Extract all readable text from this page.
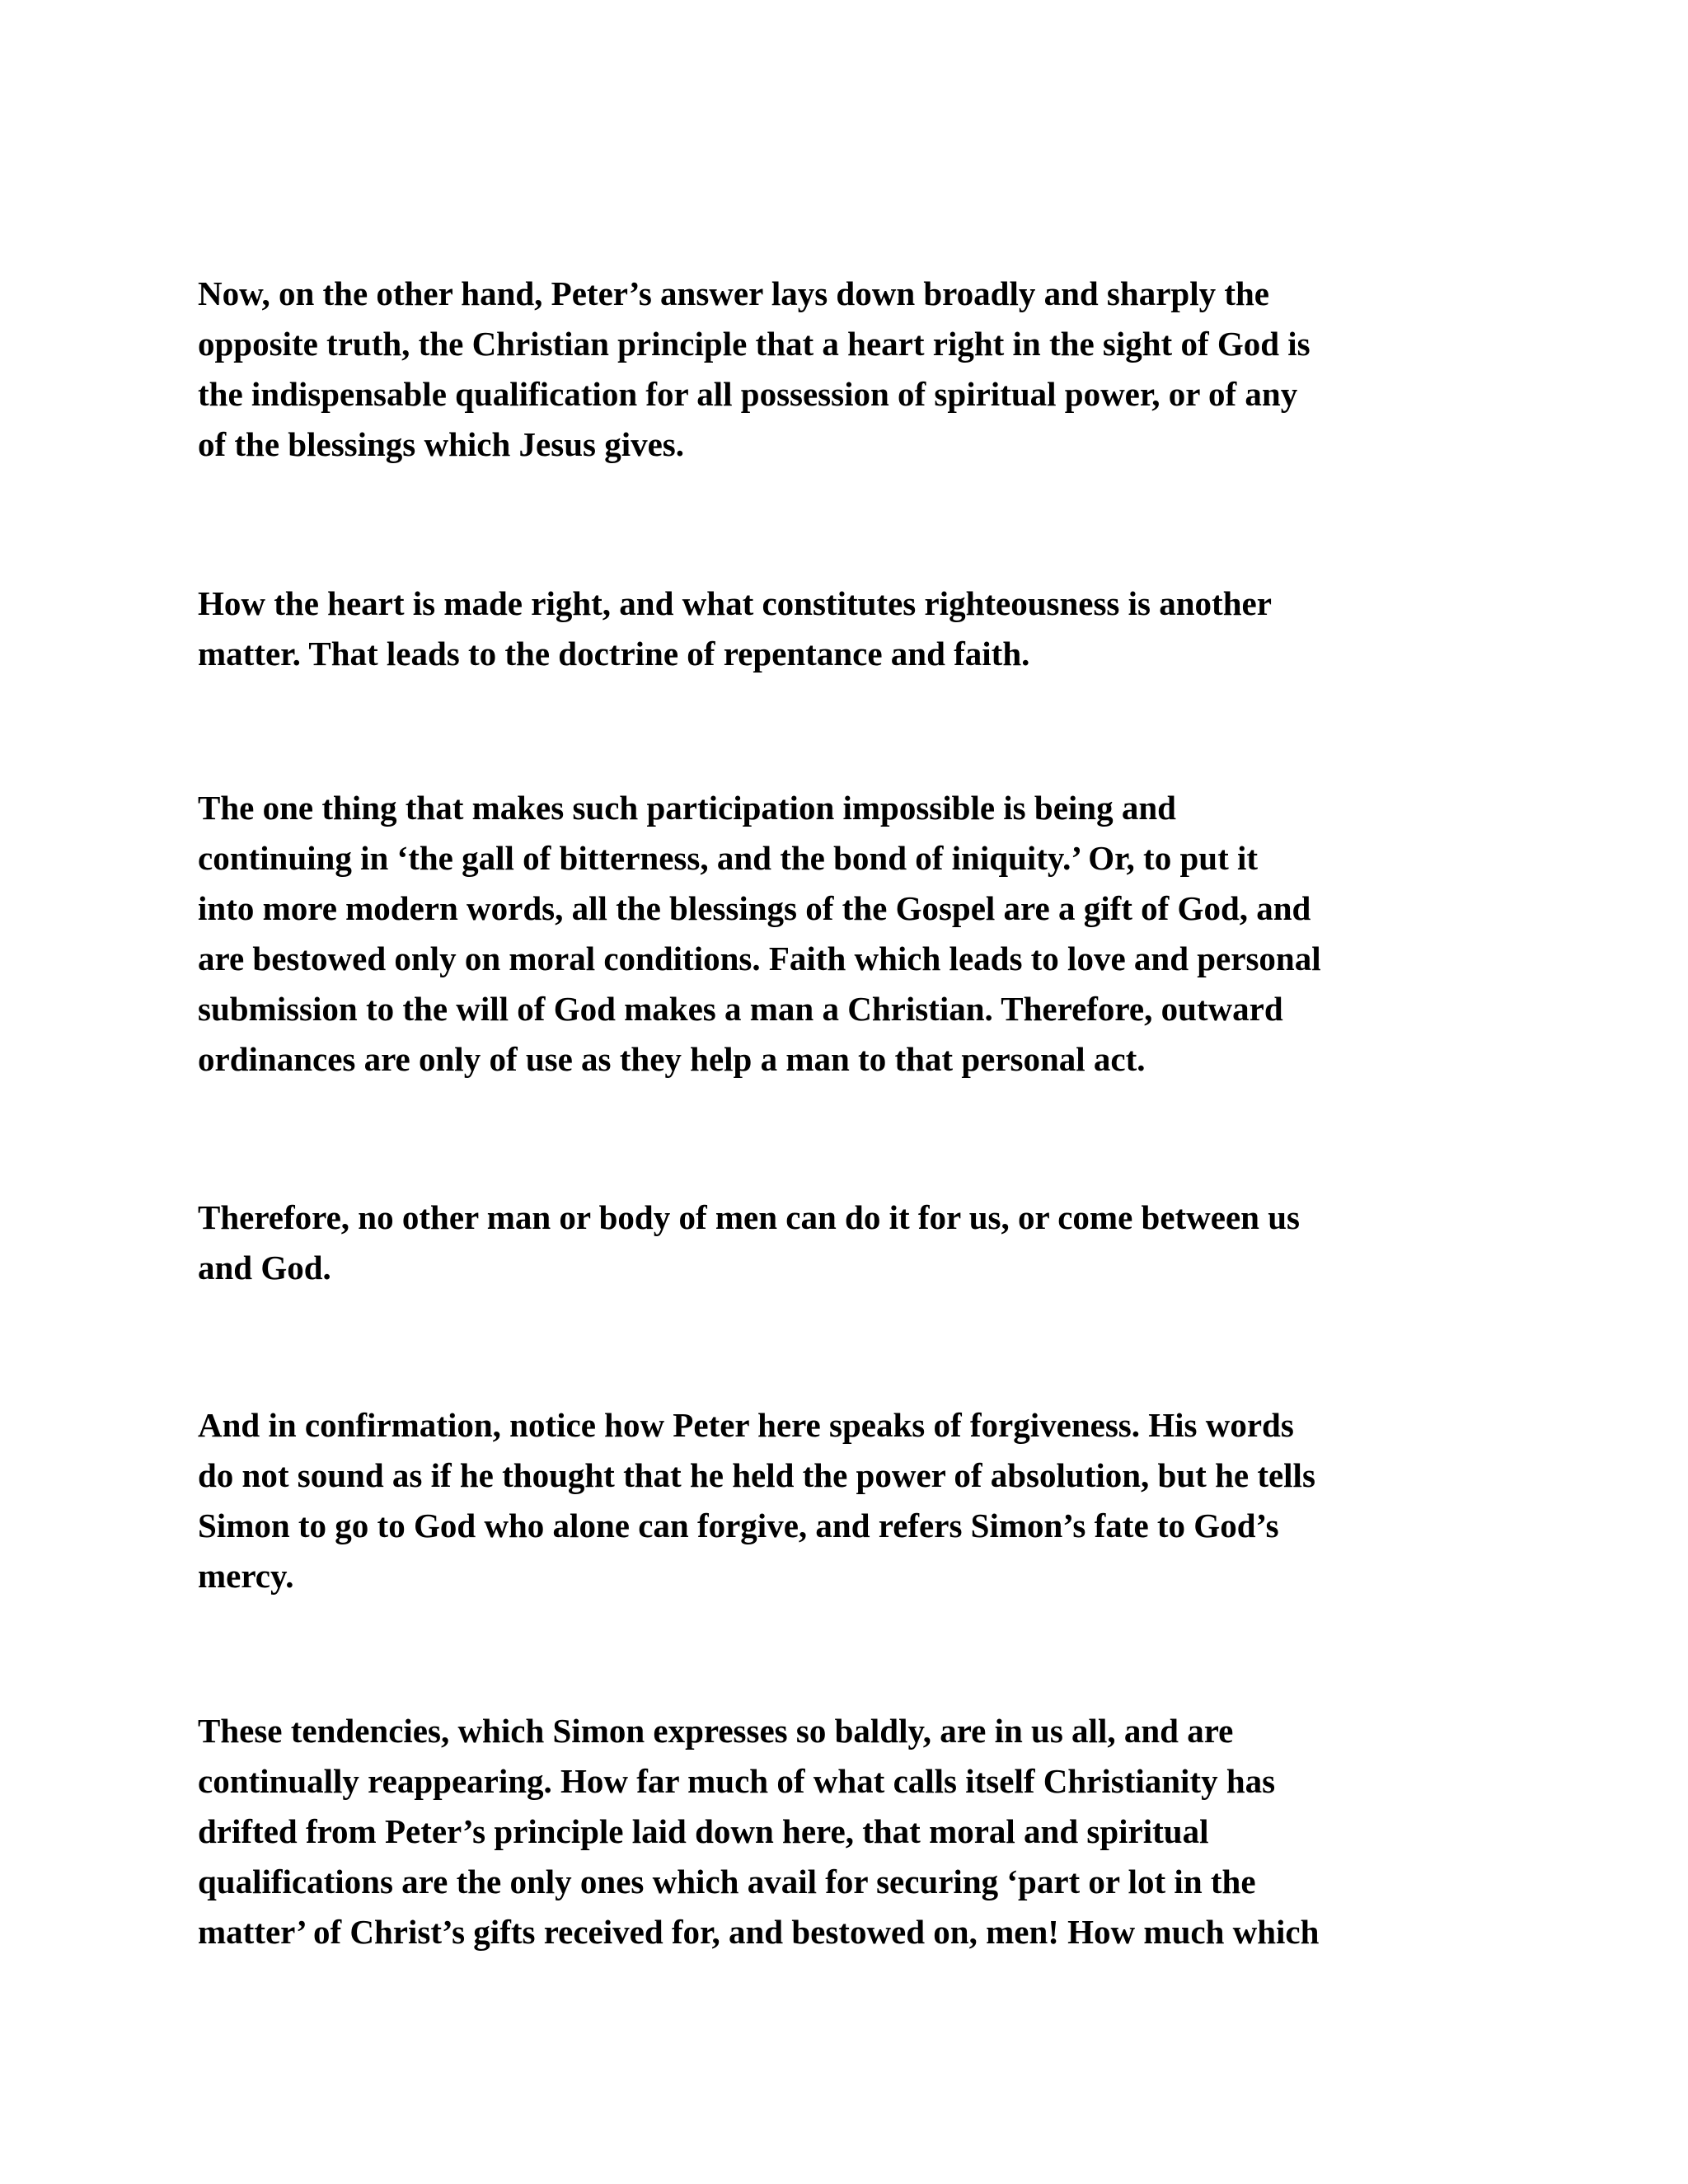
Now, on the other hand, Peter’s answer lays down broadly and sharply the
opposite truth, the Christian principle that a heart right in the sight of God is
the indispensable qualification for all possession of spiritual power, or of any
of the blessings which Jesus gives.

How the heart is made right, and what constitutes righteousness is another
matter. That leads to the doctrine of repentance and faith.

The one thing that makes such participation impossible is being and
continuing in ‘the gall of bitterness, and the bond of iniquity.’ Or, to put it
into more modern words, all the blessings of the Gospel are a gift of God, and
are bestowed only on moral conditions. Faith which leads to love and personal
submission to the will of God makes a man a Christian. Therefore, outward
ordinances are only of use as they help a man to that personal act.

Therefore, no other man or body of men can do it for us, or come between us
and God.

And in confirmation, notice how Peter here speaks of forgiveness. His words
do not sound as if he thought that he held the power of absolution, but he tells
Simon to go to God who alone can forgive, and refers Simon’s fate to God’s
mercy.

These tendencies, which Simon expresses so baldly, are in us all, and are
continually reappearing. How far much of what calls itself Christianity has
drifted from Peter’s principle laid down here, that moral and spiritual
qualifications are the only ones which avail for securing ‘part or lot in the
matter’ of Christ’s gifts received for, and bestowed on, men! How much which
